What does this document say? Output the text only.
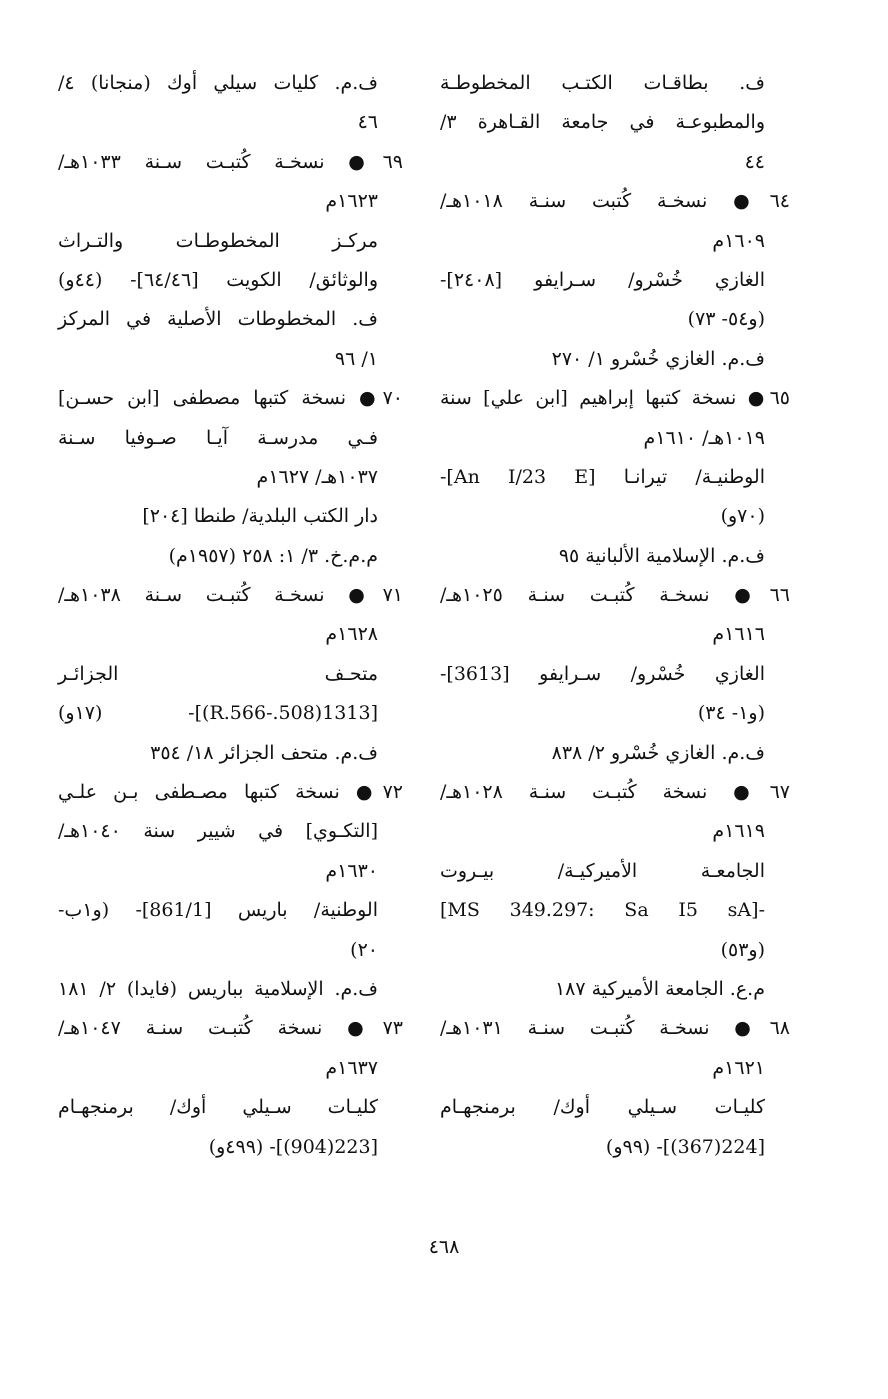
ف. بطاقـات الكتـب المخطوطـة
والمطبوعـة في جامعة القـاهرة ٣/
٤٤
٦٤● نسخـة كُتبت سنـة ١٠١٨هـ/
١٦٠٩م
الغازي خُسْرو/ سـرايفو [٢٤٠٨]-
(و٥٤- ٧٣)
ف.م. الغازي خُسْرو ١/ ٢٧٠
٦٥● نسخة كتبها إبراهيم [ابن علي] سنة
١٠١٩هـ/ ١٦١٠م
الوطنيـة/ تيرانـا [An I/23 E]-
(٧٠و)
ف.م. الإسلامية الألبانية ٩٥
٦٦● نسخـة كُتبـت سنـة ١٠٢٥هـ/
١٦١٦م
الغازي خُسْرو/ سـرايفو [3613]-
(و١- ٣٤)
ف.م. الغازي خُسْرو ٢/ ٨٣٨
٦٧● نسخة كُتبـت سنـة ١٠٢٨هـ/
١٦١٩م
الجامعـة الأميركيـة/ بيـروت
-[MS 349.297: Sa I5 sA]
(و٥٣)
م.ع. الجامعة الأميركية ١٨٧
٦٨● نسخـة كُتبـت سنـة ١٠٣١هـ/
١٦٢١م
كليـات سـيلي أوك/ برمنجهـام
[224(367)]- (٩٩و)
ف.م. كليات سيلي أوك (منجانا) ٤/
٤٦
٦٩● نسخـة كُتبـت سـنة ١٠٣٣هـ/
١٦٢٣م
مركـز المخطوطـات والتـراث
والوثائق/ الكويت [٦٤/٤٦]- (٤٤و)
ف. المخطوطات الأصلية في المركز
١/ ٩٦
٧٠● نسخة كتبها مصطفى [ابن حسـن]
فـي مدرسـة آيـا صـوفيا سـنة
١٠٣٧هـ/ ١٦٢٧م
دار الكتب البلدية/ طنطا [٢٠٤]
م.م.خ. ٣/ ١: ٢٥٨ (١٩٥٧م)
٧١● نسخـة كُتبـت سـنة ١٠٣٨هـ/
١٦٢٨م
متحـف الجزائـر
[1313(508.-R.566)]- (١٧و)
ف.م. متحف الجزائر ١٨/ ٣٥٤
٧٢● نسخة كتبها مصـطفى بـن علـي
[التكـوي] في شيير سنة ١٠٤٠هـ/
١٦٣٠م
الوطنية/ باريس [861/1]- (و١ب-
٢٠)
ف.م. الإسلامية بباريس (فايدا) ٢/ ١٨١
٧٣● نسخة كُتبـت سنـة ١٠٤٧هـ/
١٦٣٧م
كليـات سـيلي أوك/ برمنجهـام
[223(904)]- (٤٩٩و)
٤٦٨
